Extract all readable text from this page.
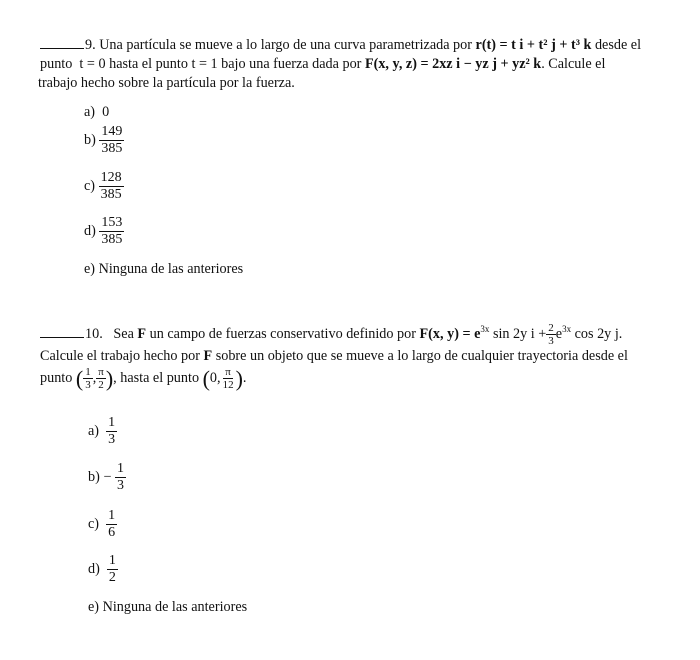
9. Una partícula se mueve a lo largo de una curva parametrizada por r(t) = t i + t² j + t³ k desde el
punto t = 0 hasta el punto t = 1 bajo una fuerza dada por F(x, y, z) = 2xz i − yz j + yz² k. Calcule el
trabajo hecho sobre la partícula por la fuerza.
a) 0
$b) \frac{149}{385}$
$c) \frac{128}{385}$
$d) \frac{153}{385}$
e) Ninguna de las anteriores
10. Sea F un campo de fuerzas conservativo definido por F(x, $y) = e^{3x}$ sin 2y $i + \frac{2}{3} e^{3x}$ cos 2y j.
Calcule el trabajo hecho por F sobre un objeto que se mueve a lo largo de cualquier trayectoria desde el
punto ( $\frac{1}{3}$ , $\frac{\pi}{2}$ ), hasta el punto (0, $\frac{\pi}{12}$ ).
$a) \frac{1}{3}$
$b) - \frac{1}{3}$
$c) \frac{1}{6}$
$d) \frac{1}{2}$
e) Ninguna de las anteriores
